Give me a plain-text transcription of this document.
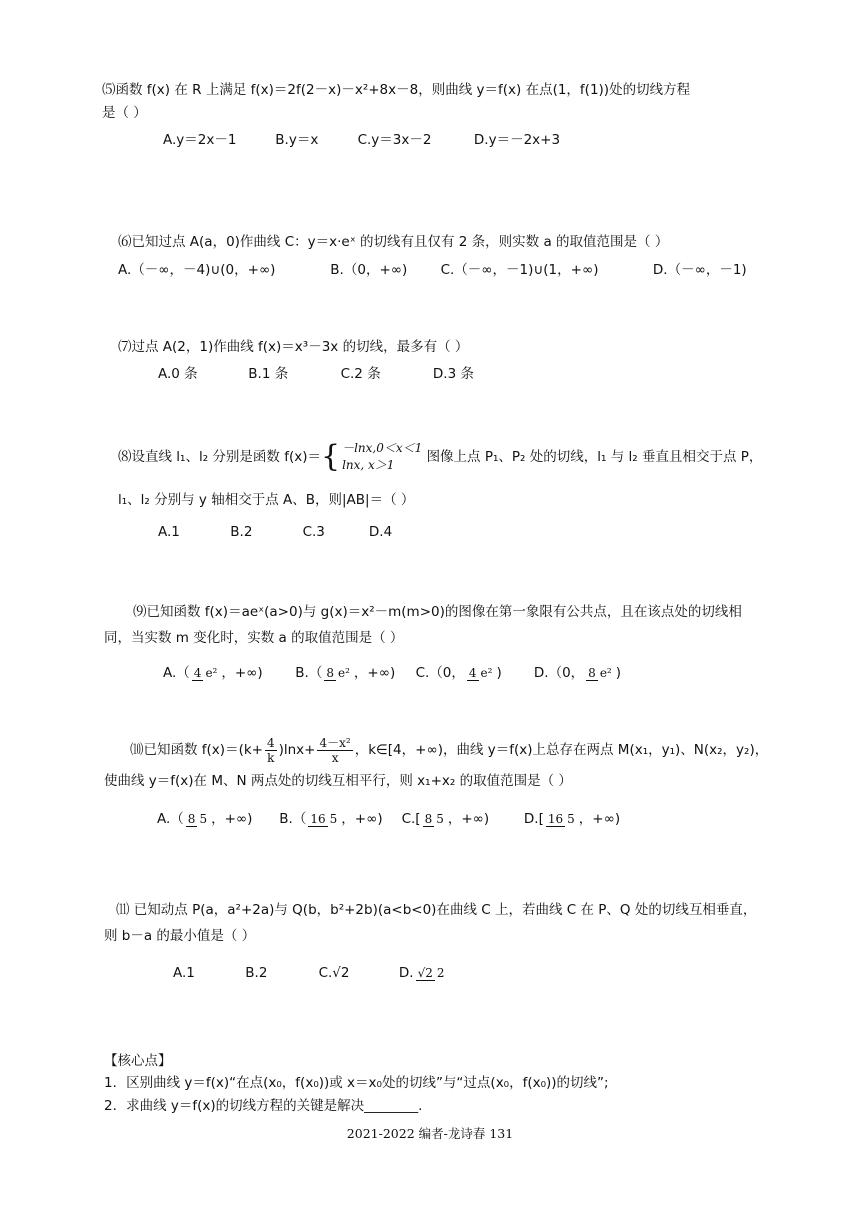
⑸函数 f(x) 在 R 上满足 f(x)＝2f(2－x)－x²+8x－8，则曲线 y＝f(x) 在点(1，f(1))处的切线方程
是（ ）
A.y＝2x－1	B.y＝x	C.y＝3x－2	D.y＝－2x+3
⑹已知过点 A(a，0)作曲线 C：y＝x·eˣ 的切线有且仅有 2 条，则实数 a 的取值范围是（ ）
A.（－∞，－4)∪(0，+∞)	B.（0，+∞) C.（－∞，－1)∪(1，+∞)	D.（－∞，－1)
⑺过点 A(2，1)作曲线 f(x)＝x³－3x 的切线，最多有（ ）
A.0 条	B.1 条	C.2 条	D.3 条
⑻设直线 l₁、l₂ 分别是函数 f(x)＝{ －lnx,0＜x＜1
lnx, x＞1	图像上点 P₁、P₂ 处的切线，l₁ 与 l₂ 垂直且相交于点 P，
l₁、l₂ 分别与 y 轴相交于点 A、B，则|AB|＝（ ）
A.1	B.2	C.3	D.4
⑼已知函数 f(x)＝aeˣ(a>0)与 g(x)＝x²－m(m>0)的图像在第一象限有公共点，且在该点处的切线相
同，当实数 m 变化时，实数 a 的取值范围是（ ）
A.（ 4 e² ，+∞) B.（ 8 e² ，+∞) C.（0， 4 e² ) D.（0， 8 e² )
⑽已知函数 $f(x)=(k+ \frac{4}{k} )\ln x+ \frac{\text{4－x²}}{x}$ ，k∈[4，+∞)，曲线 y＝f(x)上总存在两点 M(x₁，y₁)、N(x₂，y₂)，
使曲线 y＝f(x)在 M、N 两点处的切线互相平行，则 x₁+x₂ 的取值范围是（ ）
A.（ 8 5 ，+∞) B.（ 16 5 ，+∞) C.[ 8 5 ，+∞)	D.[ 16 5 ，+∞)
⑾ 已知动点 P(a，a²+2a)与 Q(b，b²+2b)(a<b<0)在曲线 C 上，若曲线 C 在 P、Q 处的切线互相垂直，
则 b－a 的最小值是（ ）
A.1	B.2	C.√2	D. √2 2
【核心点】
1．区别曲线 y＝f(x)“在点(x₀，f(x₀))或 x＝x₀处的切线”与“过点(x₀，f(x₀))的切线”;
2．求曲线 y＝f(x)的切线方程的关键是解决________.
2021-2022 编者-龙诗春 131
